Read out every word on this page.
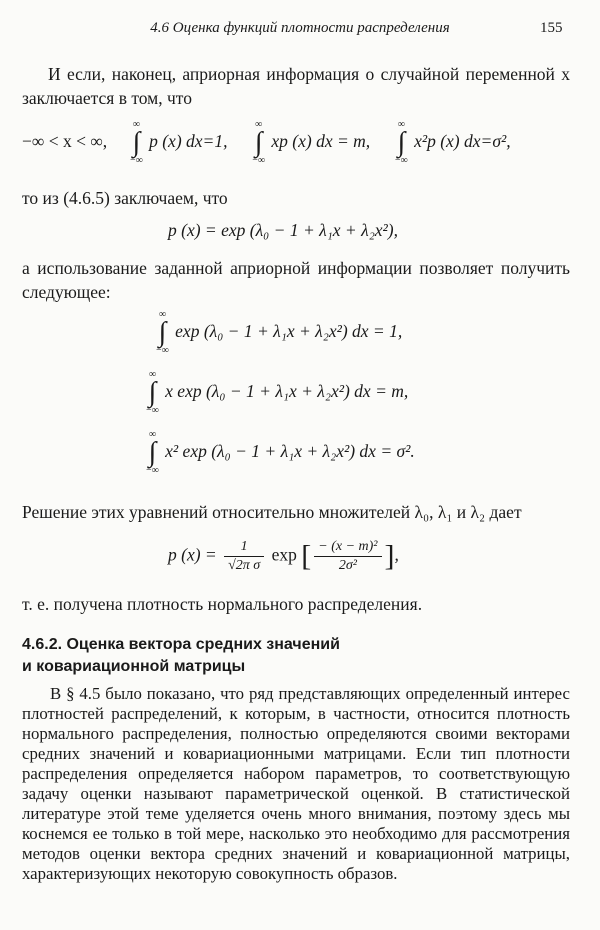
4.6 Оценка функций плотности распределения	155

И если, наконец, априорная информация о случайной переменной x заключается в том, что

−∞ < x < ∞,
∞
∫
−∞
p (x) dx=1,
∞
∫
−∞
xp (x) dx = m,
∞
∫
−∞
x²p (x) dx=σ²,

то из (4.6.5) заключаем, что

p (x) = exp (λ₀ − 1 + λ₁x + λ₂x²),

а использование заданной априорной информации позволяет получить следующее:

∞
∫
−∞
exp (λ₀ − 1 + λ₁x + λ₂x²) dx = 1,
∞
∫
−∞
x exp (λ₀ − 1 + λ₁x + λ₂x²) dx = m,
∞
∫
−∞
x² exp (λ₀ − 1 + λ₁x + λ₂x²) dx = σ².

Решение этих уравнений относительно множителей λ₀, λ₁ и λ₂ дает

p $(x) = \frac{1}{\text{√2π σ}}$ exp [ $\frac{\text{− (x − m)²}}{\text{2σ²}}$ ],

т. е. получена плотность нормального распределения.

4.6.2. Оценка вектора средних значений
и ковариационной матрицы

В § 4.5 было показано, что ряд представляющих определенный интерес плотностей распределений, к которым, в частности, относится плотность нормального распределения, полностью определяются своими векторами средних значений и ковариационными матрицами. Если тип плотности распределения определяется набором параметров, то соответствующую задачу оценки называют параметрической оценкой. В статистической литературе этой теме уделяется очень много внимания, поэтому здесь мы коснемся ее только в той мере, насколько это необходимо для рассмотрения методов оценки вектора средних значений и ковариационной матрицы, характеризующих некоторую совокупность образов.
